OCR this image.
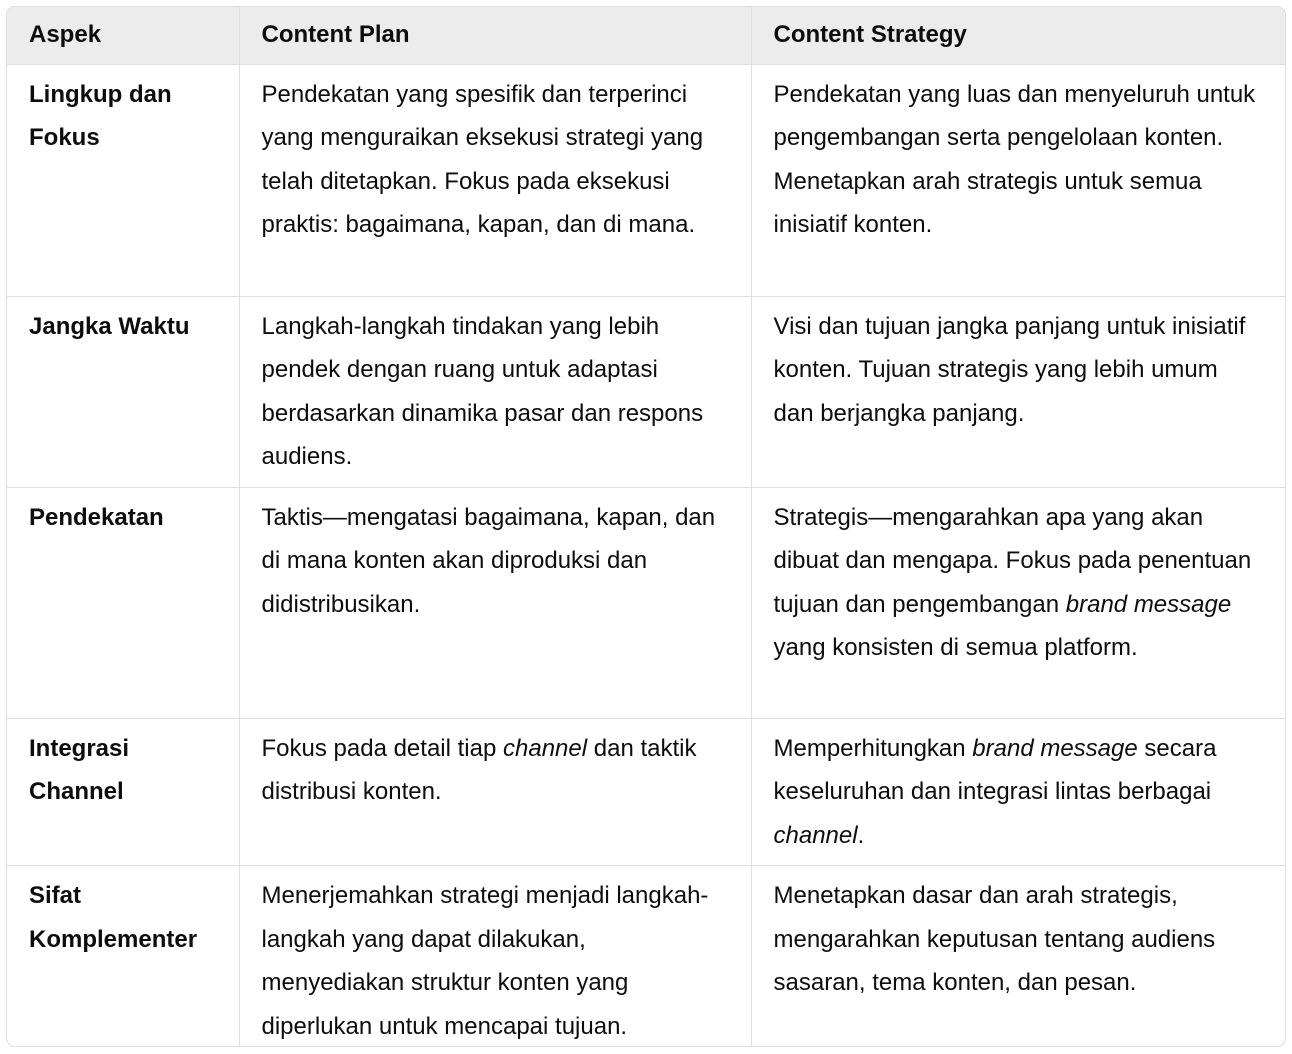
Aspek	Content Plan	Content Strategy
Lingkup dan Fokus	Pendekatan yang spesifik dan terperinci yang menguraikan eksekusi strategi yang telah ditetapkan. Fokus pada eksekusi praktis: bagaimana, kapan, dan di mana.	Pendekatan yang luas dan menyeluruh untuk pengembangan serta pengelolaan konten. Menetapkan arah strategis untuk semua inisiatif konten.
Jangka Waktu	Langkah-langkah tindakan yang lebih pendek dengan ruang untuk adaptasi berdasarkan dinamika pasar dan respons audiens.	Visi dan tujuan jangka panjang untuk inisiatif konten. Tujuan strategis yang lebih umum dan berjangka panjang.
Pendekatan	Taktis—mengatasi bagaimana, kapan, dan di mana konten akan diproduksi dan didistribusikan.	Strategis—mengarahkan apa yang akan dibuat dan mengapa. Fokus pada penentuan tujuan dan pengembangan brand message yang konsisten di semua platform.
Integrasi Channel	Fokus pada detail tiap channel dan taktik distribusi konten.	Memperhitungkan brand message secara keseluruhan dan integrasi lintas berbagai channel.
Sifat Komplementer	Menerjemahkan strategi menjadi langkah-langkah yang dapat dilakukan, menyediakan struktur konten yang diperlukan untuk mencapai tujuan.	Menetapkan dasar dan arah strategis, mengarahkan keputusan tentang audiens sasaran, tema konten, dan pesan.
